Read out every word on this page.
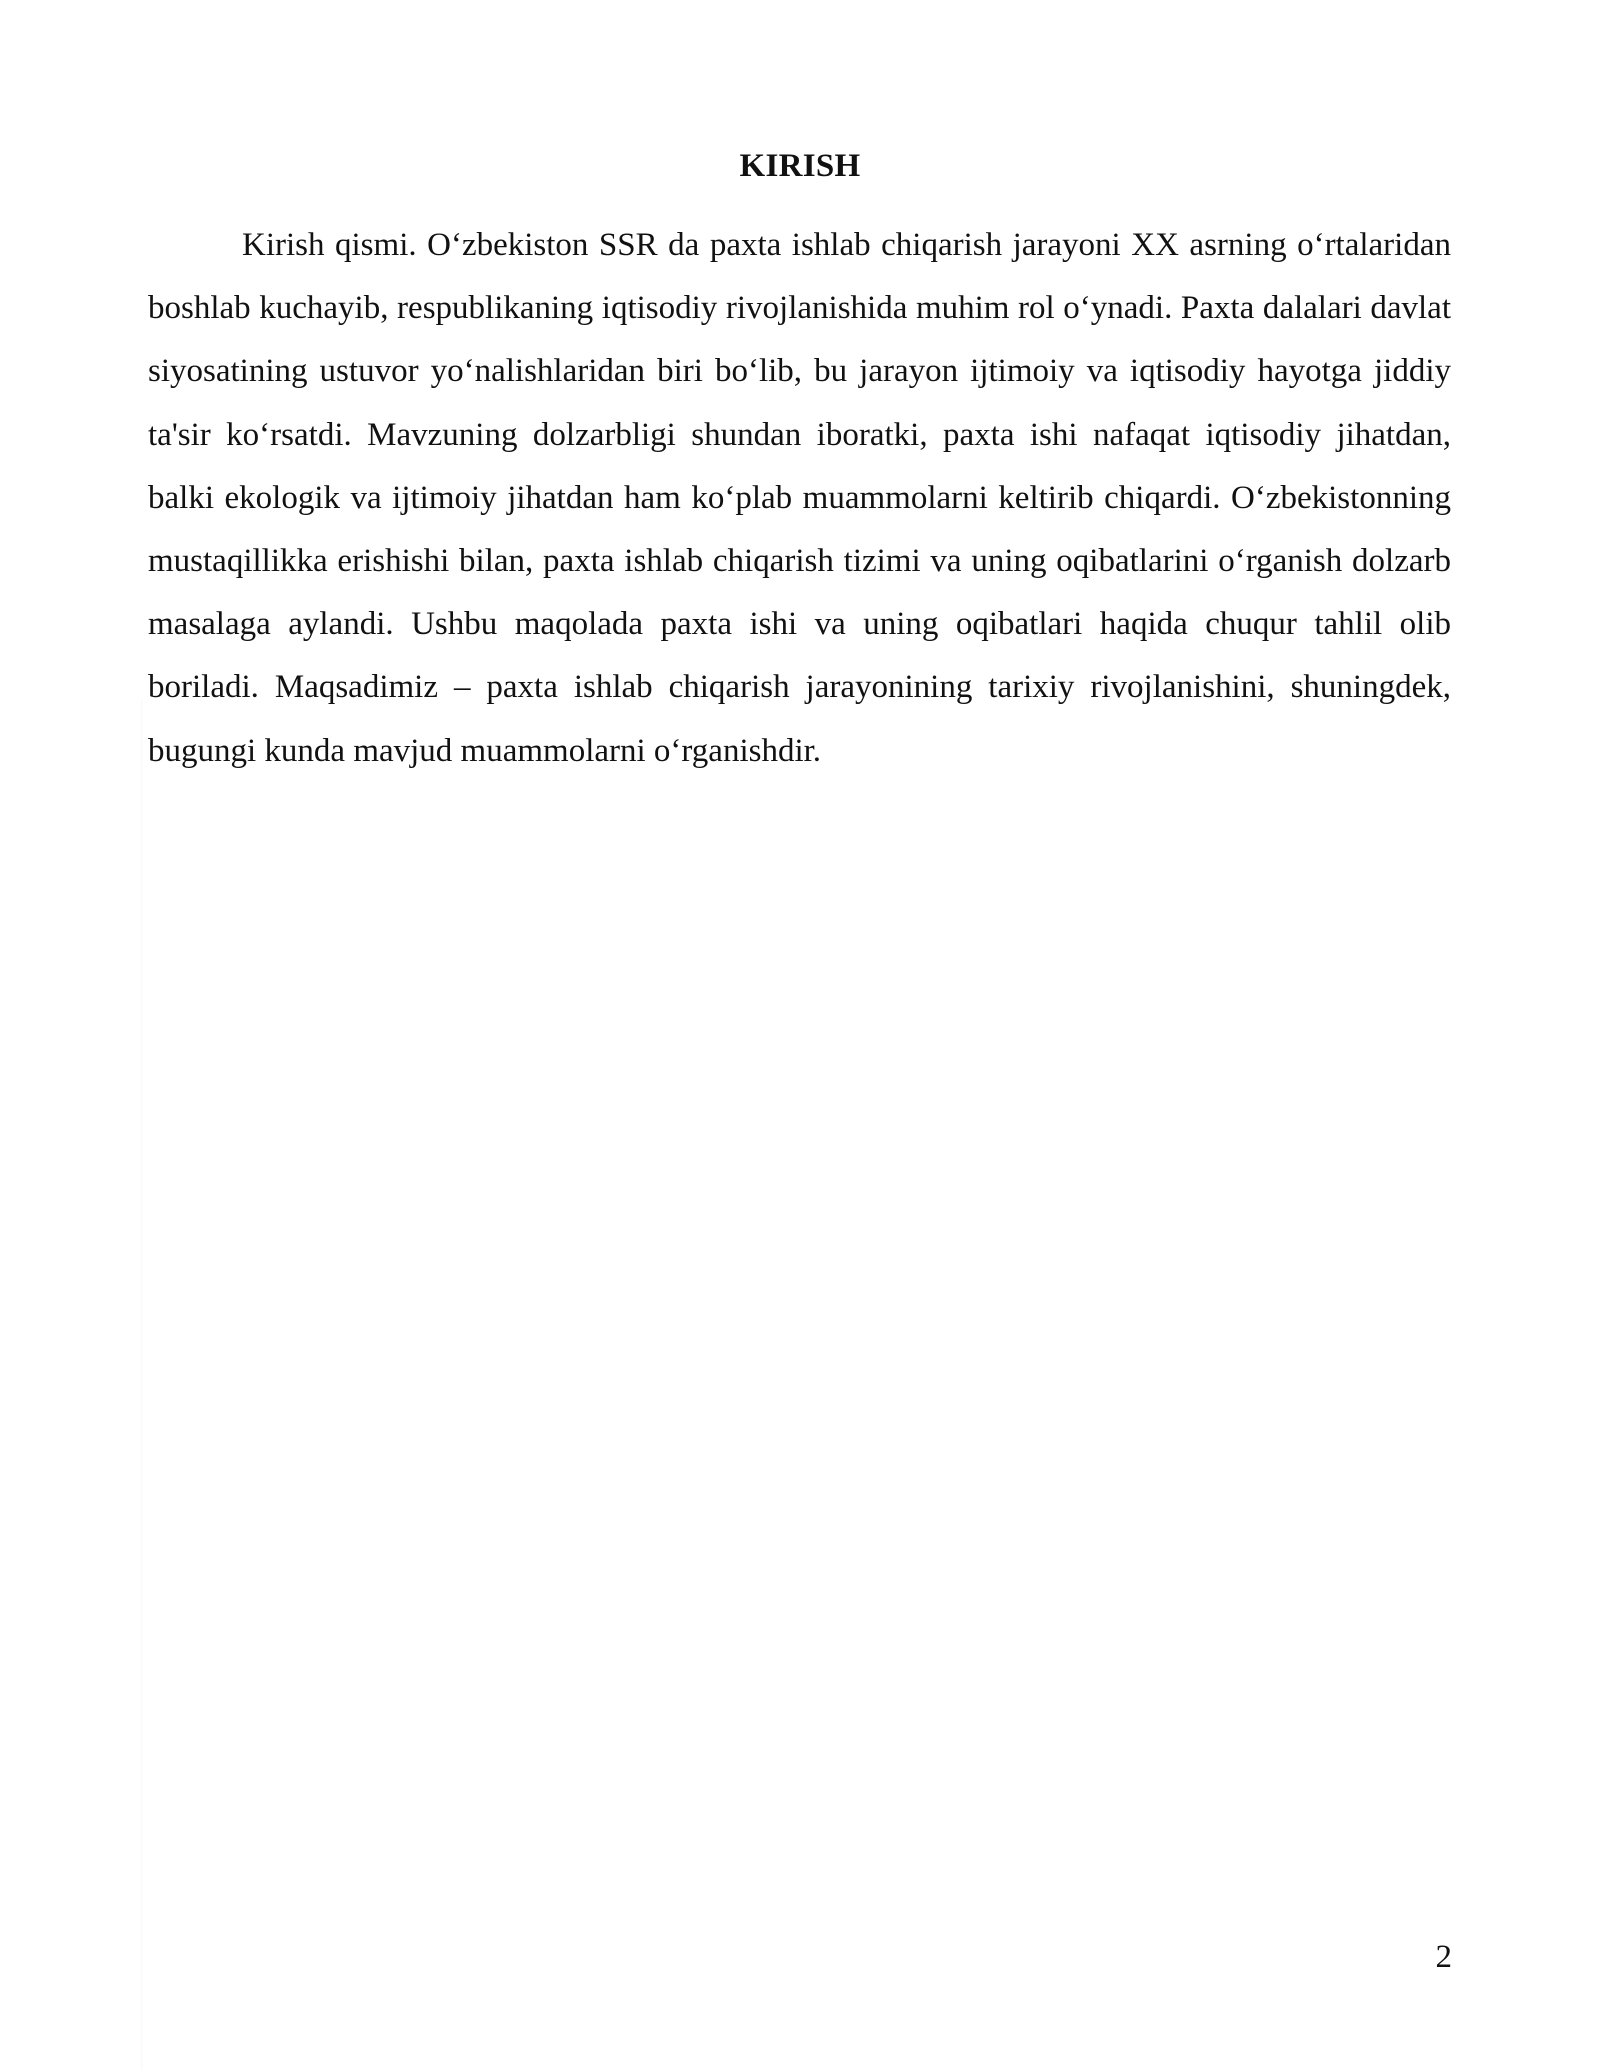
KIRISH

Kirish qismi. O‘zbekiston SSR da paxta ishlab chiqarish jarayoni XX asrning o‘rtalaridan boshlab kuchayib, respublikaning iqtisodiy rivojlanishida muhim rol o‘ynadi. Paxta dalalari davlat siyosatining ustuvor yo‘nalishlaridan biri bo‘lib, bu jarayon ijtimoiy va iqtisodiy hayotga jiddiy ta'sir ko‘rsatdi. Mavzuning dolzarbligi shundan iboratki, paxta ishi nafaqat iqtisodiy jihatdan, balki ekologik va ijtimoiy jihatdan ham ko‘plab muammolarni keltirib chiqardi. O‘zbekistonning mustaqillikka erishishi bilan, paxta ishlab chiqarish tizimi va uning oqibatlarini o‘rganish dolzarb masalaga aylandi. Ushbu maqolada paxta ishi va uning oqibatlari haqida chuqur tahlil olib boriladi. Maqsadimiz – paxta ishlab chiqarish jarayonining tarixiy rivojlanishini, shuningdek, bugungi kunda mavjud muammolarni o‘rganishdir.

2
